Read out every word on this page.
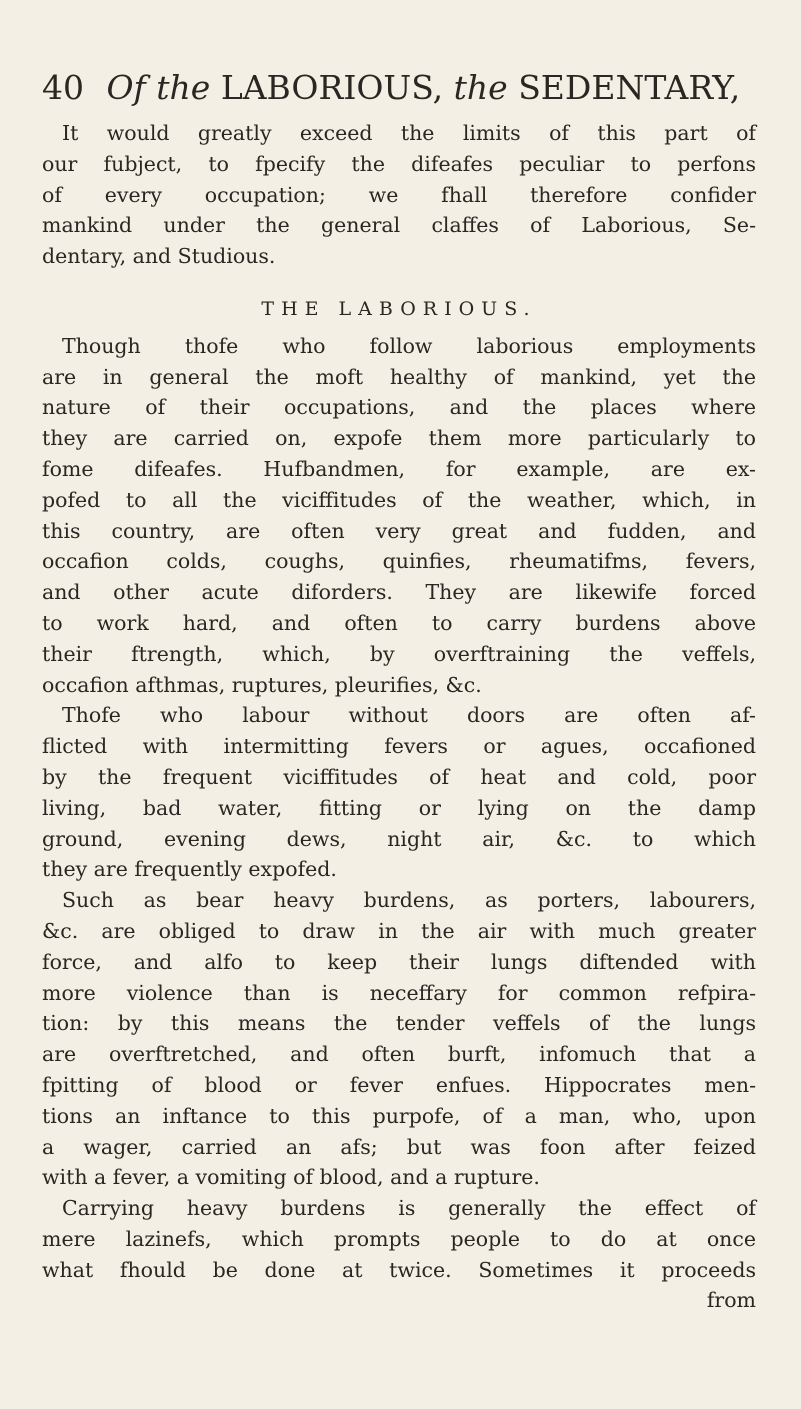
40 Of the LABORIOUS, the SEDENTARY,
It would greatly exceed the limits of this part of
our fubject, to fpecify the difeafes peculiar to perfons
of every occupation; we fhall therefore confider
mankind under the general claffes of Laborious, Se-
dentary, and Studious.
THE LABORIOUS.
Though thofe who follow laborious employments
are in general the moft healthy of mankind, yet the
nature of their occupations, and the places where
they are carried on, expofe them more particularly to
fome difeafes. Hufbandmen, for example, are ex-
pofed to all the viciffitudes of the weather, which, in
this country, are often very great and fudden, and
occafion colds, coughs, quinfies, rheumatifms, fevers,
and other acute diforders. They are likewife forced
to work hard, and often to carry burdens above
their ftrength, which, by overftraining the veffels,
occafion afthmas, ruptures, pleurifies, &c.
Thofe who labour without doors are often af-
flicted with intermitting fevers or agues, occafioned
by the frequent viciffitudes of heat and cold, poor
living, bad water, fitting or lying on the damp
ground, evening dews, night air, &c. to which
they are frequently expofed.
Such as bear heavy burdens, as porters, labourers,
&c. are obliged to draw in the air with much greater
force, and alfo to keep their lungs diftended with
more violence than is neceffary for common refpira-
tion: by this means the tender veffels of the lungs
are overftretched, and often burft, infomuch that a
fpitting of blood or fever enfues. Hippocrates men-
tions an inftance to this purpofe, of a man, who, upon
a wager, carried an afs; but was foon after feized
with a fever, a vomiting of blood, and a rupture.
Carrying heavy burdens is generally the effect of
mere lazinefs, which prompts people to do at once
what fhould be done at twice. Sometimes it proceeds
from
